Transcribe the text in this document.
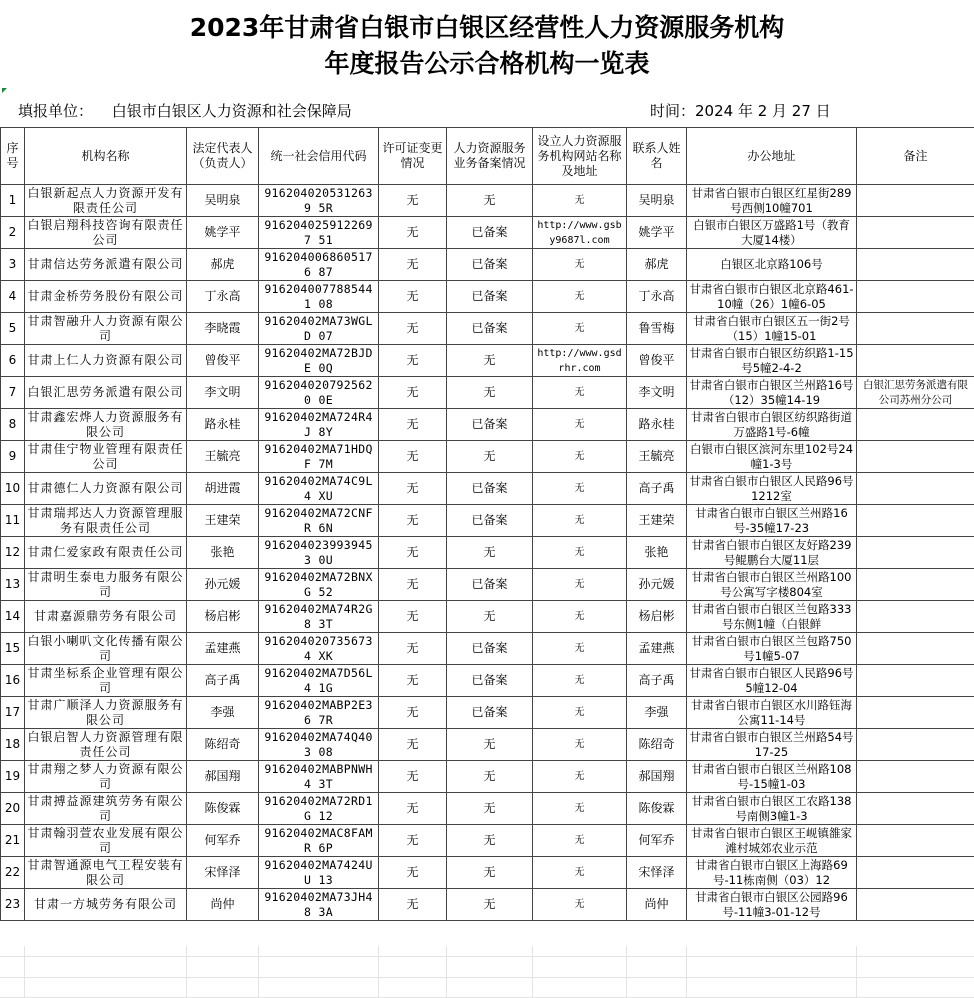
2023年甘肃省白银市白银区经营性人力资源服务机构
年度报告公示合格机构一览表
填报单位： 白银市白银区人力资源和社会保障局	时间：2024 年 2 月 27 日
序号	机构名称	法定代表人（负责人）	统一社会信用代码	许可证变更情况	人力资源服务业务备案情况	设立人力资源服务机构网站名称及地址	联系人姓名	办公地址	备注
1	白银新起点人力资源开发有限责任公司	吴明泉	9162040205312639 5R	无	无	无	吴明泉	甘肃省白银市白银区红星街289号西侧10幢701	
2	白银启翔科技咨询有限责任公司	姚学平	9162040259122697 51	无	已备案	http://www.gsby9687l.com	姚学平	白银市白银区万盛路1号（教育大厦14楼）	
3	甘肃信达劳务派遣有限公司	郝虎	9162040068605176 87	无	已备案	无	郝虎	白银区北京路106号	
4	甘肃金桥劳务股份有限公司	丁永高	9162040077885441 08	无	已备案	无	丁永高	甘肃省白银市白银区北京路461-10幢（26）1幢6-05	
5	甘肃智融升人力资源有限公司	李晓霞	91620402MA73WGLD 07	无	已备案	无	鲁雪梅	甘肃省白银市白银区五一街2号（15）1幢15-01	
6	甘肃上仁人力资源有限公司	曾俊平	91620402MA72BJDE 0Q	无	无	http://www.gsdrhr.com	曾俊平	甘肃省白银市白银区纺织路1-15号5幢2-4-2	
7	白银汇思劳务派遣有限公司	李文明	9162040207925620 0E	无	无	无	李文明	甘肃省白银市白银区兰州路16号（12）35幢14-19	白银汇思劳务派遣有限公司苏州分公司
8	甘肃鑫宏烨人力资源服务有限公司	路永桂	91620402MA724R4J 8Y	无	已备案	无	路永桂	甘肃省白银市白银区纺织路街道万盛路1号-6幢	
9	甘肃佳宁物业管理有限责任公司	王毓亮	91620402MA71HDQF 7M	无	无	无	王毓亮	白银市白银区滨河东里102号24幢1-3号	
10	甘肃德仁人力资源有限公司	胡进霞	91620402MA74C9L4 XU	无	已备案	无	高子禹	甘肃省白银市白银区人民路96号1212室	
11	甘肃瑞邦达人力资源管理服务有限责任公司	王建荣	91620402MA72CNFR 6N	无	已备案	无	王建荣	甘肃省白银市白银区兰州路16号-35幢17-23	
12	甘肃仁爱家政有限责任公司	张艳	9162040239939453 0U	无	无	无	张艳	甘肃省白银市白银区友好路239号鲲鹏台大厦11层	
13	甘肃明生泰电力服务有限公司	孙元媛	91620402MA72BNXG 52	无	已备案	无	孙元媛	甘肃省白银市白银区兰州路100号公寓写字楼804室	
14	甘肃嘉源鼎劳务有限公司	杨启彬	91620402MA74R2G8 3T	无	无	无	杨启彬	甘肃省白银市白银区兰包路333号东侧1幢（白银鲜	
15	白银小喇叭文化传播有限公司	孟建燕	9162040207356734 XK	无	已备案	无	孟建燕	甘肃省白银市白银区兰包路750号1幢5-07	
16	甘肃坐标系企业管理有限公司	高子禹	91620402MA7D56L4 1G	无	已备案	无	高子禹	甘肃省白银市白银区人民路96号5幢12-04	
17	甘肃广顺泽人力资源服务有限公司	李强	91620402MABP2E36 7R	无	已备案	无	李强	甘肃省白银市白银区水川路钰海公寓11-14号	
18	白银启智人力资源管理有限责任公司	陈绍奇	91620402MA74Q403 08	无	无	无	陈绍奇	甘肃省白银市白银区兰州路54号17-25	
19	甘肃翔之梦人力资源有限公司	郝国翔	91620402MABPNWH4 3T	无	无	无	郝国翔	甘肃省白银市白银区兰州路108号-15幢1-03	
20	甘肃搏益源建筑劳务有限公司	陈俊霖	91620402MA72RD1G 12	无	无	无	陈俊霖	甘肃省白银市白银区工农路138号南侧3幢1-3	
21	甘肃翰羽萱农业发展有限公司	何军乔	91620402MAC8FAMR 6P	无	无	无	何军乔	甘肃省白银市白银区王岘镇雒家滩村城郊农业示范	
22	甘肃智通源电气工程安装有限公司	宋怿泽	91620402MA7424UU 13	无	无	无	宋怿泽	甘肃省白银市白银区上海路69号-11栋南侧（03）12	
23	甘肃一方城劳务有限公司	尚仲	91620402MA73JH48 3A	无	无	无	尚仲	甘肃省白银市白银区公园路96号-11幢3-01-12号	
